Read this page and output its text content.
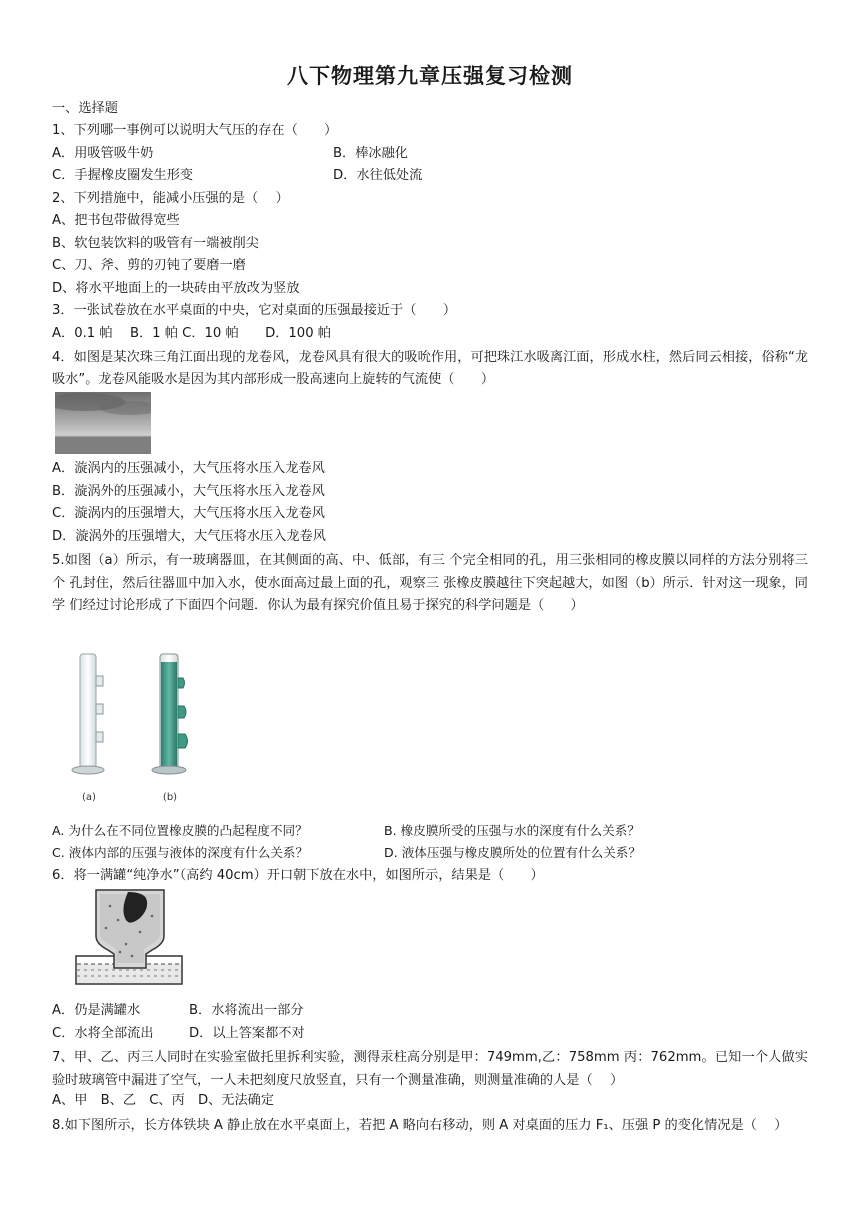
八下物理第九章压强复习检测
一、选择题
1、下列哪一事例可以说明大气压的存在（　　）
A．用吸管吸牛奶	B．棒冰融化
C．手握橡皮圈发生形变	D．水往低处流
2、下列措施中，能减小压强的是（　 ）
A、把书包带做得宽些
B、软包装饮料的吸管有一端被削尖
C、刀、斧、剪的刃钝了要磨一磨
D、将水平地面上的一块砖由平放改为竖放
3．一张试卷放在水平桌面的中央，它对桌面的压强最接近于（　　）
A．0.1 帕　 B．1 帕 C．10 帕　　D．100 帕
4．如图是某次珠三角江面出现的龙卷风，龙卷风具有很大的吸吮作用，可把珠江水吸离江面，形成水柱，然后同云相接，俗称“龙吸水”。龙卷风能吸水是因为其内部形成一股高速向上旋转的气流使（　　）
A．漩涡内的压强减小，大气压将水压入龙卷风
B．漩涡外的压强减小，大气压将水压入龙卷风
C．漩涡内的压强增大，大气压将水压入龙卷风
D．漩涡外的压强增大，大气压将水压入龙卷风
5.如图（a）所示，有一玻璃器皿，在其侧面的高、中、低部，有三 个完全相同的孔，用三张相同的橡皮膜以同样的方法分别将三个 孔封住，然后往器皿中加入水，使水面高过最上面的孔，观察三 张橡皮膜越往下突起越大，如图（b）所示．针对这一现象，同学 们经过讨论形成了下面四个问题．你认为最有探究价值且易于探究的科学问题是（　　）
(a)	(b)
A. 为什么在不同位置橡皮膜的凸起程度不同？	B. 橡皮膜所受的压强与水的深度有什么关系？
C. 液体内部的压强与液体的深度有什么关系？	D. 液体压强与橡皮膜所处的位置有什么关系？
6．将一满罐“纯净水”（高约 40cm）开口朝下放在水中，如图所示，结果是（　　）
A．仍是满罐水	B．水将流出一部分
C．水将全部流出	D．以上答案都不对
7、甲、乙、丙三人同时在实验室做托里拆利实验，测得汞柱高分别是甲：749mm,乙：758mm 丙：762mm。已知一个人做实验时玻璃管中漏进了空气，一人未把刻度尺放竖直，只有一个测量准确，则测量准确的人是（　 ）
A、甲　B、乙　C、丙　D、无法确定
8.如下图所示，长方体铁块 A 静止放在水平桌面上，若把 A 略向右移动，则 A 对桌面的压力 F₁、压强 P 的变化情况是（　 ）
